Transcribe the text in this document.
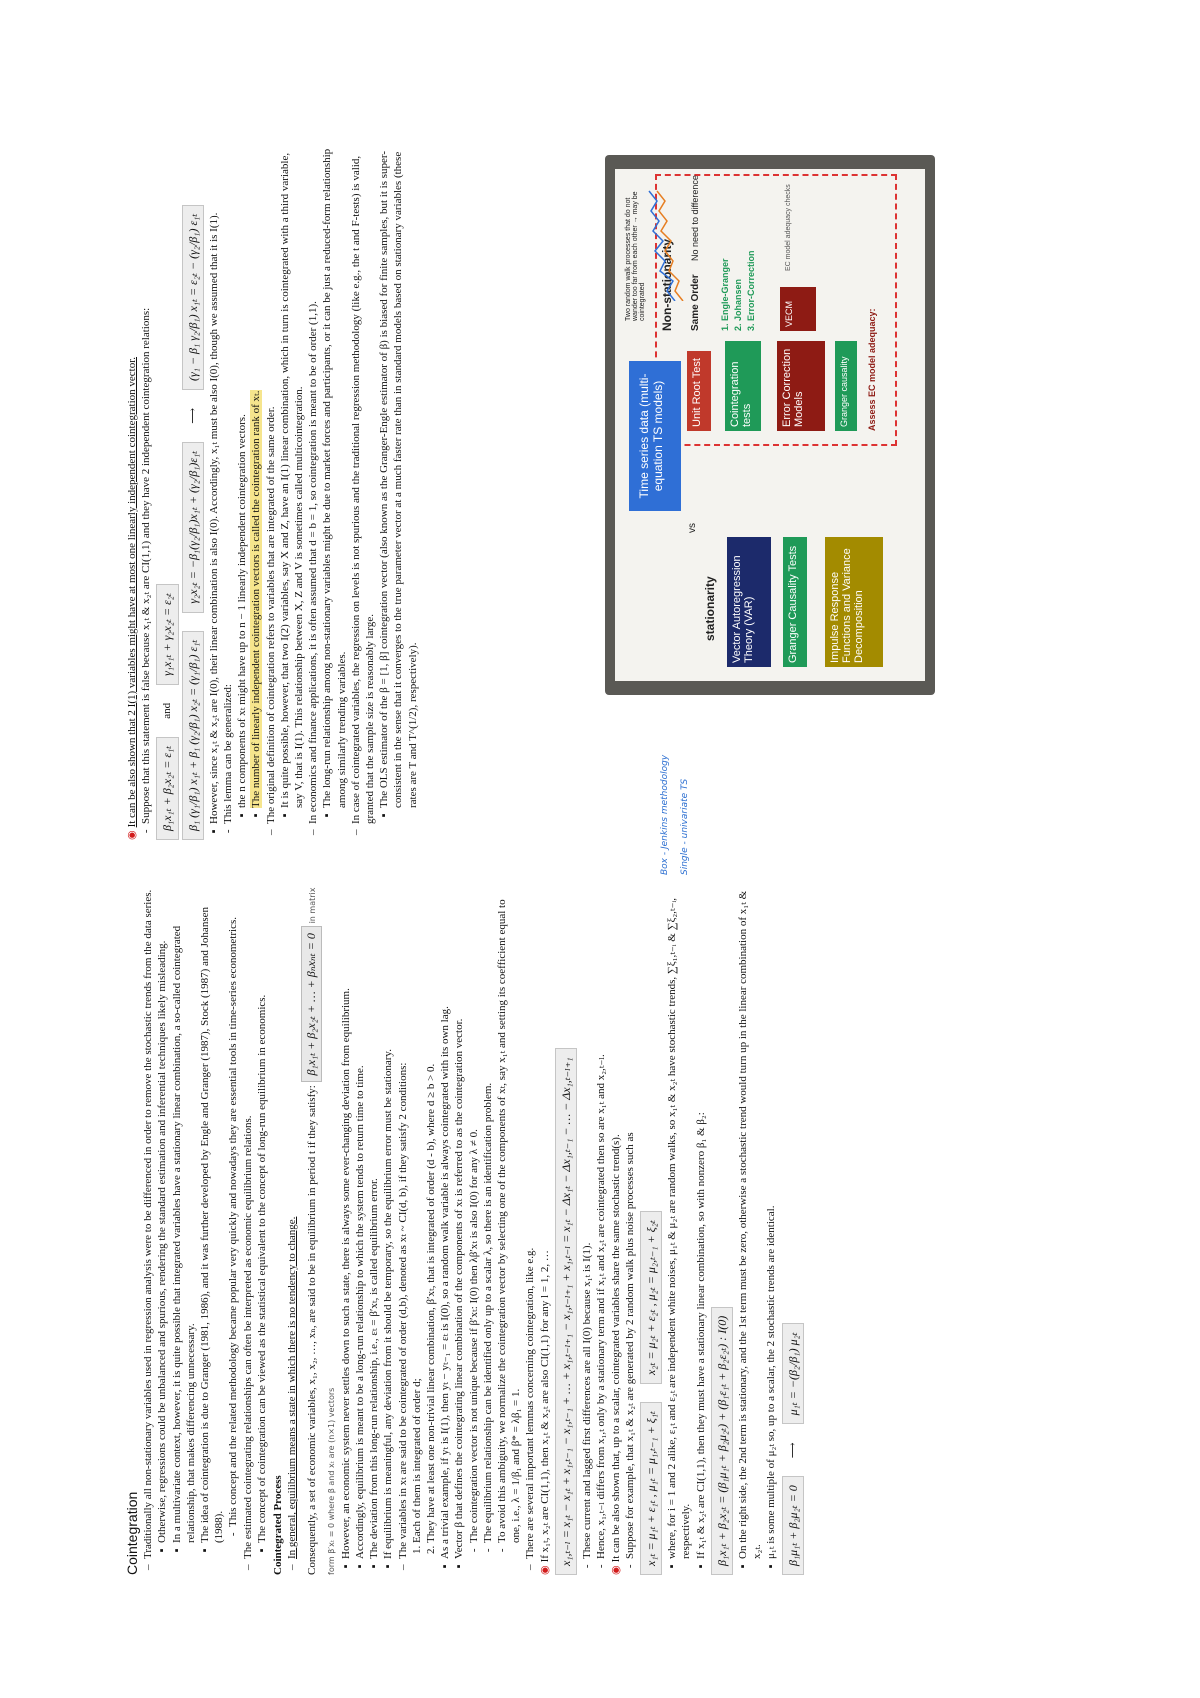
Cointegration – Traditionally all non-stationary variables used in regression analysis were to be differenced in order to remove the stochastic trends from the data series. ▪ Otherwise, regressions could be unbalanced and spurious, rendering the standard estimation and inferential techniques likely misleading. ▪ In a multivariate context, however, it is quite possible that integrated variables have a stationary linear combination, a so-called cointegrated relationship, that makes differencing unnecessary. ▪ The idea of cointegration is due to Granger (1981, 1986), and it was further developed by Engle and Granger (1987), Stock (1987) and Johansen (1988). - This concept and the related methodology became popular very quickly and nowadays they are essential tools in time-series econometrics. – The estimated cointegrating relationships can often be interpreted as economic equilibrium relations. ▪ The concept of cointegration can be viewed as the statistical equivalent to the concept of long-run equilibrium in economics. Cointegrated Process – In general, equilibrium means a state in which there is no tendency to change. Consequently, a set of economic variables, x₁, x₂, …, xₙ, are said to be in equilibrium in period t if they satisfy: β₁x₁ₜ + β₂x₂ₜ + … + βₙxₙₜ = 0 in matrix form β′xₜ = 0 where β and xₜ are (n×1) vectors ▪ However, an economic system never settles down to such a state, there is always some ever-changing deviation from equilibrium. ▪ Accordingly, equilibrium is meant to be a long-run relationship to which the system tends to return time to time. ▪ The deviation from this long-run relationship, i.e., εₜ = β′xₜ, is called equilibrium error. ▪ If equilibrium is meaningful, any deviation from it should be temporary, so the equilibrium error must be stationary. – The variables in xₜ are said to be cointegrated of order (d,b), denoted as xₜ ~ CI(d, b), if they satisfy 2 conditions: 1. Each of them is integrated of order d; 2. They have at least one non-trivial linear combination, β′xₜ, that is integrated of order (d - b), where d ≥ b > 0. ▪ As a trivial example, if yₜ is I(1), then yₜ − yₜ₋₁ = εₜ is I(0), so a random walk variable is always cointegrated with its own lag. ▪ Vector β that defines the cointegrating linear combination of the components of xₜ is referred to as the cointegration vector. - The cointegration vector is not unique because if β′xₜ: I(0) then λβ′xₜ is also I(0) for any λ ≠ 0. - The equilibrium relationship can be identified only up to a scalar λ, so there is an identification problem. - To avoid this ambiguity, we normalize the cointegration vector by selecting one of the components of xₜ, say x₁ₜ and setting its coefficient equal to one, i.e., λ = 1/β₁ and β* = λβ₁ = 1. – There are several important lemmas concerning cointegration, like e.g.
◉If x₁ₜ, x₂ₜ are CI(1,1), then x₁ₜ & x₂ₜ are also CI(1,1) for any l = 1, 2, … x₁,ₜ₋ₗ = x₁ₜ − x₁ₜ + x₁,ₜ₋₁ − x₁,ₜ₋₁ + … + x₁,ₜ₋ₗ₊₁ − x₁,ₜ₋ₗ₊₁ + x₁,ₜ₋ₗ = x₁ₜ − Δx₁ₜ − Δx₁,ₜ₋₁ − … − Δx₁,ₜ₋ₗ₊₁ - These current and lagged first differences are all I(0) because x₁ₜ is I(1). - Hence, x₁,ₜ₋ₗ differs from x₁,ₜ only by a stationary term and if x₁ₜ and x₂ₜ are cointegrated then so are x₁ₜ and x₂,ₜ₋ₗ.
◉It can be also shown that, up to a scalar, cointegrated variables share the same stochastic trend(s). - Suppose for example, that x₁ₜ & x₂ₜ are generated by 2 random walk plus noise processes such as x₁ₜ = μ₁ₜ + ε₁ₜ , μ₁ₜ = μ₁,ₜ₋₁ + ξ₁ₜ
x₂ₜ = μ₂ₜ + ε₂ₜ , μ₂ₜ = μ₂,ₜ₋₁ + ξ₂ₜ ▪ where, for i = 1 and 2 alike, ε₁ₜ and ε₂ₜ are independent white noises, μ₁ₜ & μ₂ₜ are random walks, so x₁ₜ & x₂ₜ have stochastic trends, ∑ξ₁,ₜ₋ᵢ & ∑ξ₂,ₜ₋ᵢ, respectively. ▪ If x₁ₜ & x₂ₜ are CI(1,1), then they must have a stationary linear combination, so with nonzero β₁ & β₂: β₁x₁ₜ + β₂x₂ₜ = (β₁μ₁ₜ + β₂μ₂ₜ) + (β₁ε₁ₜ + β₂ε₂ₜ) : I(0) ▪ On the right side, the 2nd term is stationary, and the 1st term must be zero, otherwise a stochastic trend would turn up in the linear combination of x₁ₜ & x₂ₜ. ▪ μ₁ₜ is some multiple of μ₂ₜ so, up to a scalar, the 2 stochastic trends are identical. β₁μ₁ₜ + β₂μ₂ₜ = 0
⟶
μ₁ₜ = −(β₂/β₁) μ₂ₜ
◉It can be also shown that 2 I(1) variables might have at most one linearly independent cointegration vector. - Suppose that this statement is false because x₁ₜ & x₂ₜ are CI(1,1) and they have 2 independent cointegration relations: β₁x₁ₜ + β₂x₂ₜ = ε₁ₜ
and
γ₁x₁ₜ + γ₂x₂ₜ = ε₂ₜ
β₁ (γ₁/β₁) x₁ₜ + β₁ (γ₂/β₁) x₂ₜ = (γ₁/β₁) ε₁ₜ
γ₂x₂ₜ = −β₁(γ₂/β₁)x₁ₜ + (γ₂/β₁)ε₁ₜ
⟶
(γ₁ − β₁ γ₂/β₁) x₁ₜ = ε₂ₜ − (γ₂/β₁) ε₁ₜ ▪ However, since x₁ₜ & x₂ₜ are I(0), their linear combination is also I(0). Accordingly, x₁ₜ must be also I(0), though we assumed that it is I(1). - This lemma can be generalized: ▪ the n components of xₜ might have up to n − 1 linearly independent cointegration vectors. ▪ The number of linearly independent cointegration vectors is called the cointegration rank of xₜ. – The original definition of cointegration refers to variables that are integrated of the same order. ▪ It is quite possible, however, that two I(2) variables, say X and Z, have an I(1) linear combination, which in turn is cointegrated with a third variable, say V, that is I(1). This relationship between X, Z and V is sometimes called multicointegration. – In economics and finance applications, it is often assumed that d = b = 1, so cointegration is meant to be of order (1,1). ▪ The long-run relationship among non-stationary variables might be due to market forces and participants, or it can be just a reduced-form relationship among similarly trending variables. – In case of cointegrated variables, the regression on levels is not spurious and the traditional regression methodology (like e.g., the t and F-tests) is valid, granted that the sample size is reasonably large. ▪ The OLS estimator of the β = [1, β] cointegration vector (also known as the Granger-Engle estimator of β) is biased for finite samples, but it is super-consistent in the sense that it converges to the true parameter vector at a much faster rate than in standard models based on stationary variables (these rates are T and T^(1/2), respectively).
Box - Jenkins methodology Single - univariate TS
Time series data (multi-equation TS models)
stationarity
vs
Non-stationarity
Unit Root Test
Vector Autoregression Theory (VAR)	Granger Causality Tests	Impulse Response Functions and Variance Decomposition
Same Order
No need to difference
Cointegration tests
1. Engle-Granger 2. Johansen 3. Error-Correction
Error Correction Models
VECM
Granger causality	Assess EC model adequacy:
Two random walk processes that do not wander too far from each other → may be cointegrated
EC model adequacy checks
